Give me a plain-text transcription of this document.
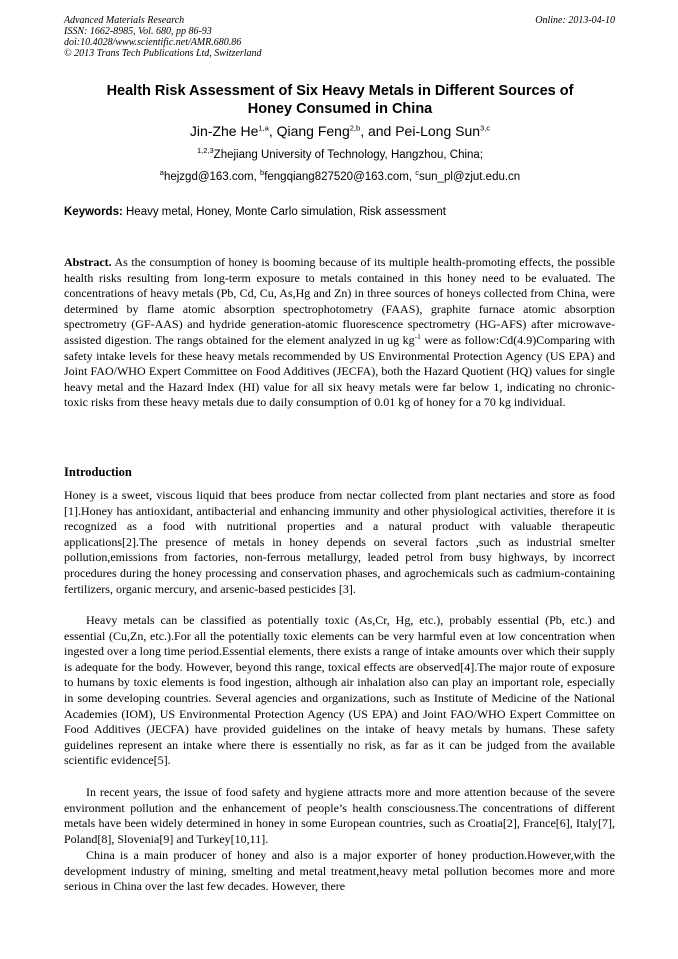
Advanced Materials Research
ISSN: 1662-8985, Vol. 680, pp 86-93
doi:10.4028/www.scientific.net/AMR.680.86
© 2013 Trans Tech Publications Ltd, Switzerland
Online: 2013-04-10
Health Risk Assessment of Six Heavy Metals in Different Sources of
Honey Consumed in China
Jin-Zhe He$^{1,a}$, Qiang Feng$^{2,b}$, and Pei-Long Sun$^{3,c}$
$^{1,2,3}$Zhejiang University of Technology, Hangzhou, China;
$^a$hejzgd@163.com, $^b$fengqiang827520@163.com, $^c$sun_pl@zjut.edu.cn
Keywords: Heavy metal, Honey, Monte Carlo simulation, Risk assessment
Abstract. As the consumption of honey is booming because of its multiple health-promoting effects, the possible health risks resulting from long-term exposure to metals contained in this honey need to be evaluated. The concentrations of heavy metals (Pb, Cd, Cu, As,Hg and Zn) in three sources of honeys collected from China, were determined by flame atomic absorption spectrophotometry (FAAS), graphite furnace atomic absorption spectrometry (GF-AAS) and hydride generation-atomic fluorescence spectrometry (HG-AFS) after microwave-assisted digestion. The rangs obtained for the element analyzed in ug $kg^{-1}$ were as follow:Cd(4.9)Comparing with safety intake levels for these heavy metals recommended by US Environmental Protection Agency (US EPA) and Joint FAO/WHO Expert Committee on Food Additives (JECFA), both the Hazard Quotient (HQ) values for single heavy metal and the Hazard Index (HI) value for all six heavy metals were far below 1, indicating no chronic-toxic risks from these heavy metals due to daily consumption of 0.01 kg of honey for a 70 kg individual.
Introduction
Honey is a sweet, viscous liquid that bees produce from nectar collected from plant nectaries and store as food [1].Honey has antioxidant, antibacterial and enhancing immunity and other physiological activities, therefore it is recognized as a food with nutritional properties and a natural product with valuable therapeutic applications[2].The presence of metals in honey depends on several factors ,such as industrial smelter pollution,emissions from factories, non-ferrous metallurgy, leaded petrol from busy highways, by incorrect procedures during the honey processing and conservation phases, and agrochemicals such as cadmium-containing fertilizers, organic mercury, and arsenic-based pesticides [3].
Heavy metals can be classified as potentially toxic (As,Cr, Hg, etc.), probably essential (Pb, etc.) and essential (Cu,Zn, etc.).For all the potentially toxic elements can be very harmful even at low concentration when ingested over a long time period.Essential elements, there exists a range of intake amounts over which their supply is adequate for the body. However, beyond this range, toxical effects are observed[4].The major route of exposure to humans by toxic elements is food ingestion, although air inhalation also can play an important role, especially in some developing countries. Several agencies and organizations, such as Institute of Medicine of the National Academies (IOM), US Environmental Protection Agency (US EPA) and Joint FAO/WHO Expert Committee on Food Additives (JECFA) have provided guidelines on the intake of heavy metals by humans. These safety guidelines represent an intake where there is essentially no risk, as far as it can be judged from the available scientific evidence[5].
In recent years, the issue of food safety and hygiene attracts more and more attention because of the severe environment pollution and the enhancement of people’s health consciousness.The concentrations of different metals have been widely determined in honey in some European countries, such as Croatia[2], France[6], Italy[7], Poland[8], Slovenia[9] and Turkey[10,11].
China is a main producer of honey and also is a major exporter of honey production.However,with the development industry of mining, smelting and metal treatment,heavy metal pollution becomes more and more serious in China over the last few decades. However, there
